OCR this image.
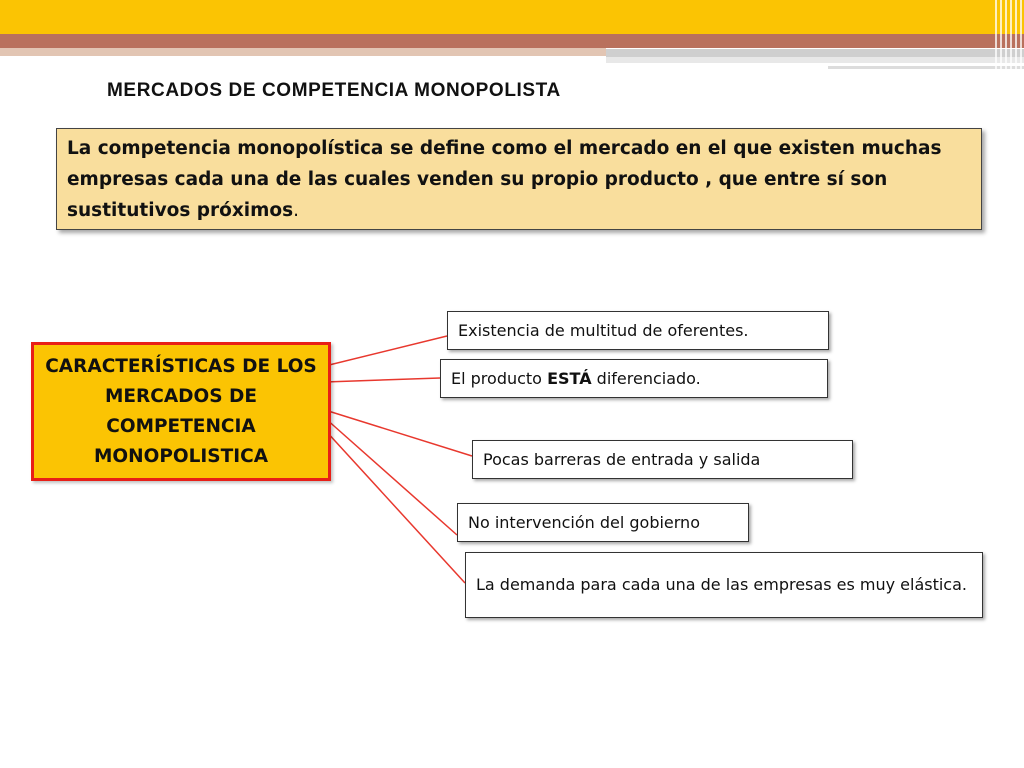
MERCADOS DE COMPETENCIA MONOPOLISTA
La competencia monopolística se define como el mercado en el que existen muchas empresas cada una de las cuales venden su propio producto , que entre sí son sustitutivos próximos.
CARACTERÍSTICAS DE LOS MERCADOS DE COMPETENCIA MONOPOLISTICA
Existencia de multitud de oferentes.
El producto ESTÁ diferenciado.
Pocas barreras de entrada y salida
No intervención del gobierno
La demanda para cada una de las empresas es muy elástica.
